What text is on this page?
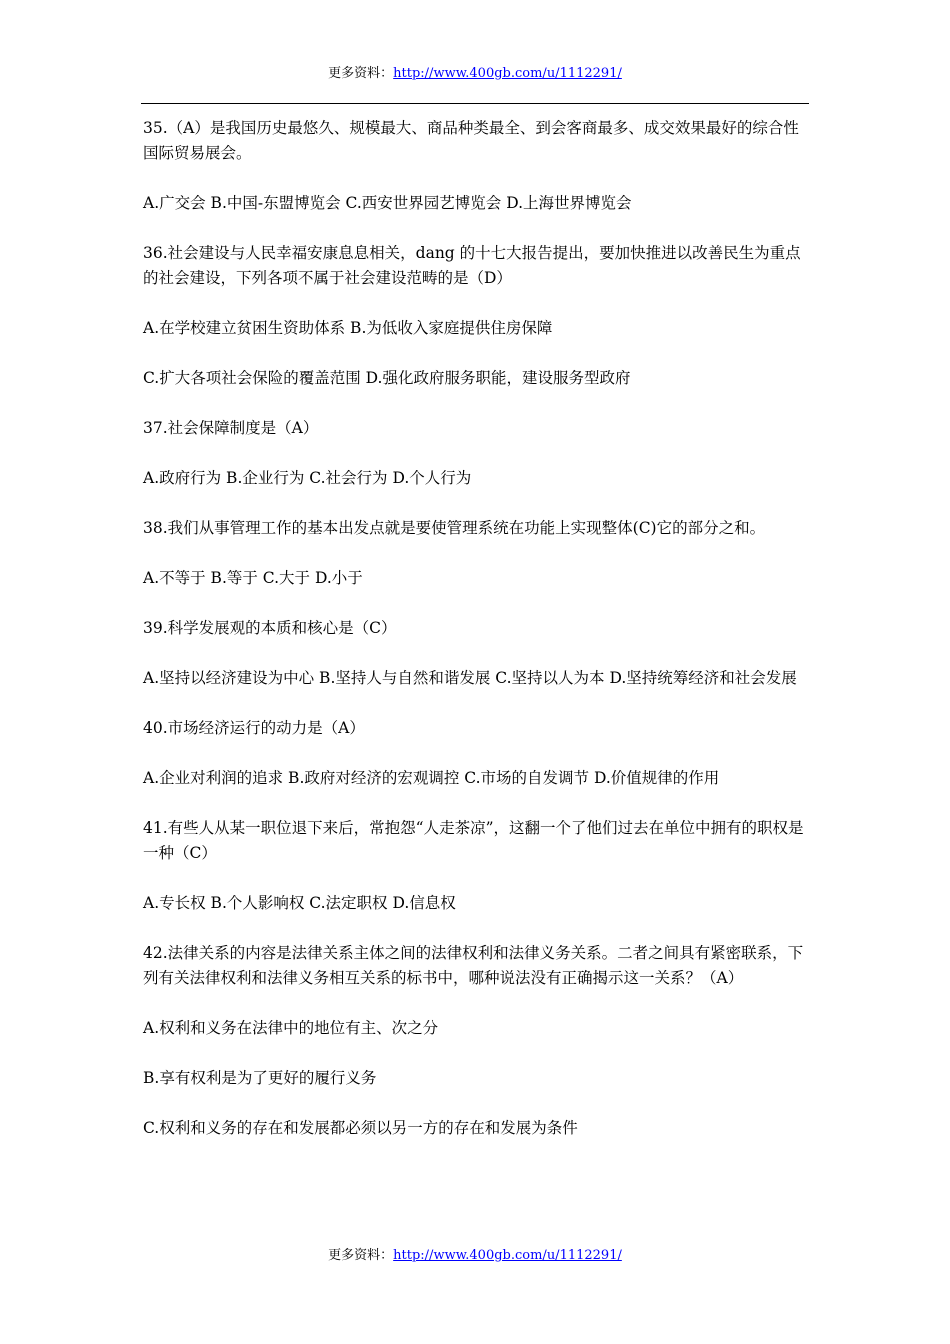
更多资料：http://www.400gb.com/u/1112291/

35.（A）是我国历史最悠久、规模最大、商品种类最全、到会客商最多、成交效果最好的综合性国际贸易展会。

A.广交会 B.中国-东盟博览会 C.西安世界园艺博览会 D.上海世界博览会

36.社会建设与人民幸福安康息息相关，dang 的十七大报告提出，要加快推进以改善民生为重点的社会建设，下列各项不属于社会建设范畴的是（D）

A.在学校建立贫困生资助体系 B.为低收入家庭提供住房保障

C.扩大各项社会保险的覆盖范围 D.强化政府服务职能，建设服务型政府

37.社会保障制度是（A）

A.政府行为 B.企业行为 C.社会行为 D.个人行为

38.我们从事管理工作的基本出发点就是要使管理系统在功能上实现整体(C)它的部分之和。

A.不等于 B.等于 C.大于 D.小于

39.科学发展观的本质和核心是（C）

A.坚持以经济建设为中心 B.坚持人与自然和谐发展 C.坚持以人为本 D.坚持统筹经济和社会发展

40.市场经济运行的动力是（A）

A.企业对利润的追求 B.政府对经济的宏观调控 C.市场的自发调节 D.价值规律的作用

41.有些人从某一职位退下来后，常抱怨“人走茶凉”，这翻一个了他们过去在单位中拥有的职权是一种（C）

A.专长权 B.个人影响权 C.法定职权 D.信息权

42.法律关系的内容是法律关系主体之间的法律权利和法律义务关系。二者之间具有紧密联系，下列有关法律权利和法律义务相互关系的标书中，哪种说法没有正确揭示这一关系？（A）

A.权利和义务在法律中的地位有主、次之分

B.享有权利是为了更好的履行义务

C.权利和义务的存在和发展都必须以另一方的存在和发展为条件

更多资料：http://www.400gb.com/u/1112291/
